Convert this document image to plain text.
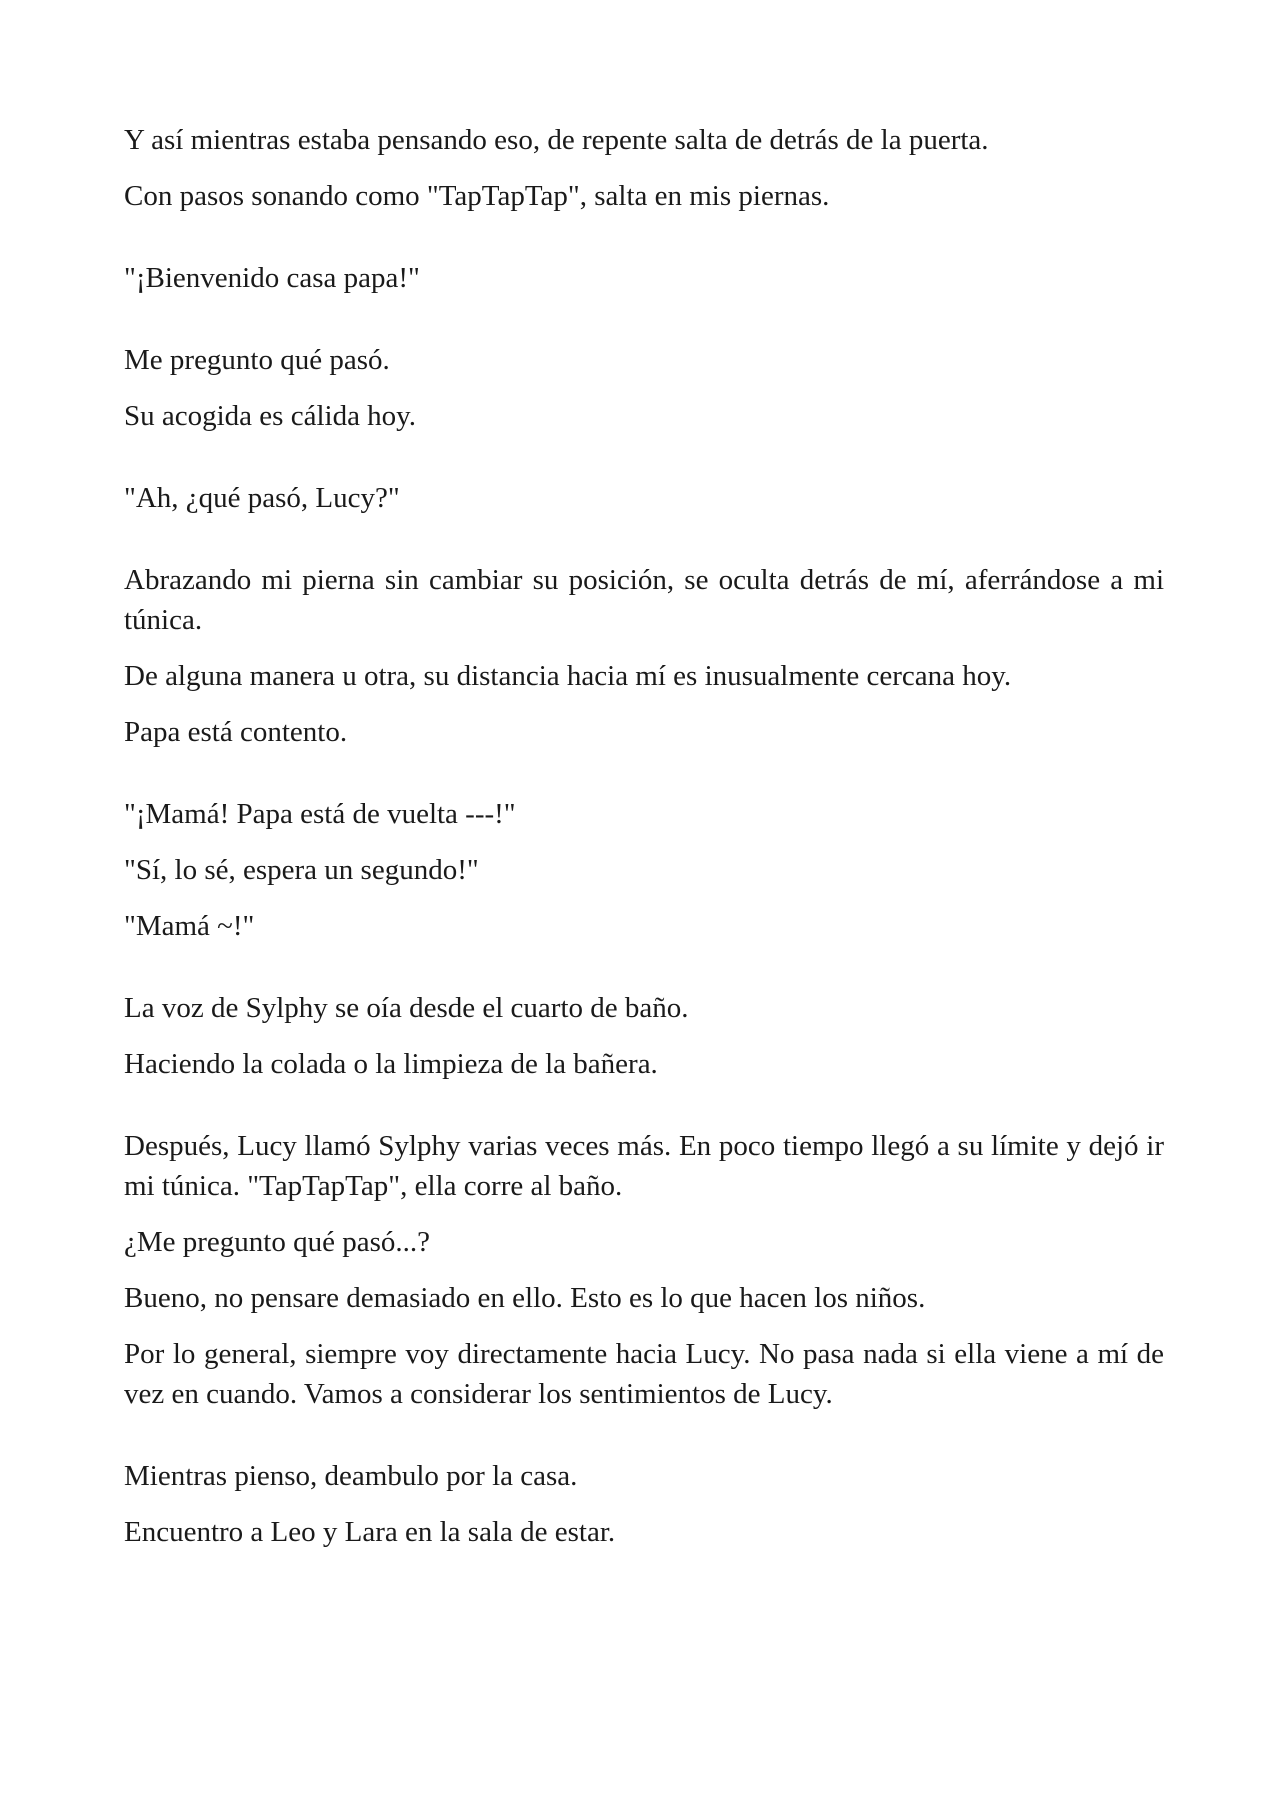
Y así mientras estaba pensando eso, de repente salta de detrás de la puerta.

Con pasos sonando como "TapTapTap", salta en mis piernas.

"¡Bienvenido casa papa!"

Me pregunto qué pasó.

Su acogida es cálida hoy.

"Ah, ¿qué pasó, Lucy?"

Abrazando mi pierna sin cambiar su posición, se oculta detrás de mí, aferrándose a mi túnica.

De alguna manera u otra, su distancia hacia mí es inusualmente cercana hoy.

Papa está contento.

"¡Mamá! Papa está de vuelta ---!"

"Sí, lo sé, espera un segundo!"

"Mamá ~!"

La voz de Sylphy se oía desde el cuarto de baño.

Haciendo la colada o la limpieza de la bañera.

Después, Lucy llamó Sylphy varias veces más. En poco tiempo llegó a su límite y dejó ir mi túnica. "TapTapTap", ella corre al baño.

¿Me pregunto qué pasó...?

Bueno, no pensare demasiado en ello. Esto es lo que hacen los niños.

Por lo general, siempre voy directamente hacia Lucy. No pasa nada si ella viene a mí de vez en cuando. Vamos a considerar los sentimientos de Lucy.

Mientras pienso, deambulo por la casa.

Encuentro a Leo y Lara en la sala de estar.
